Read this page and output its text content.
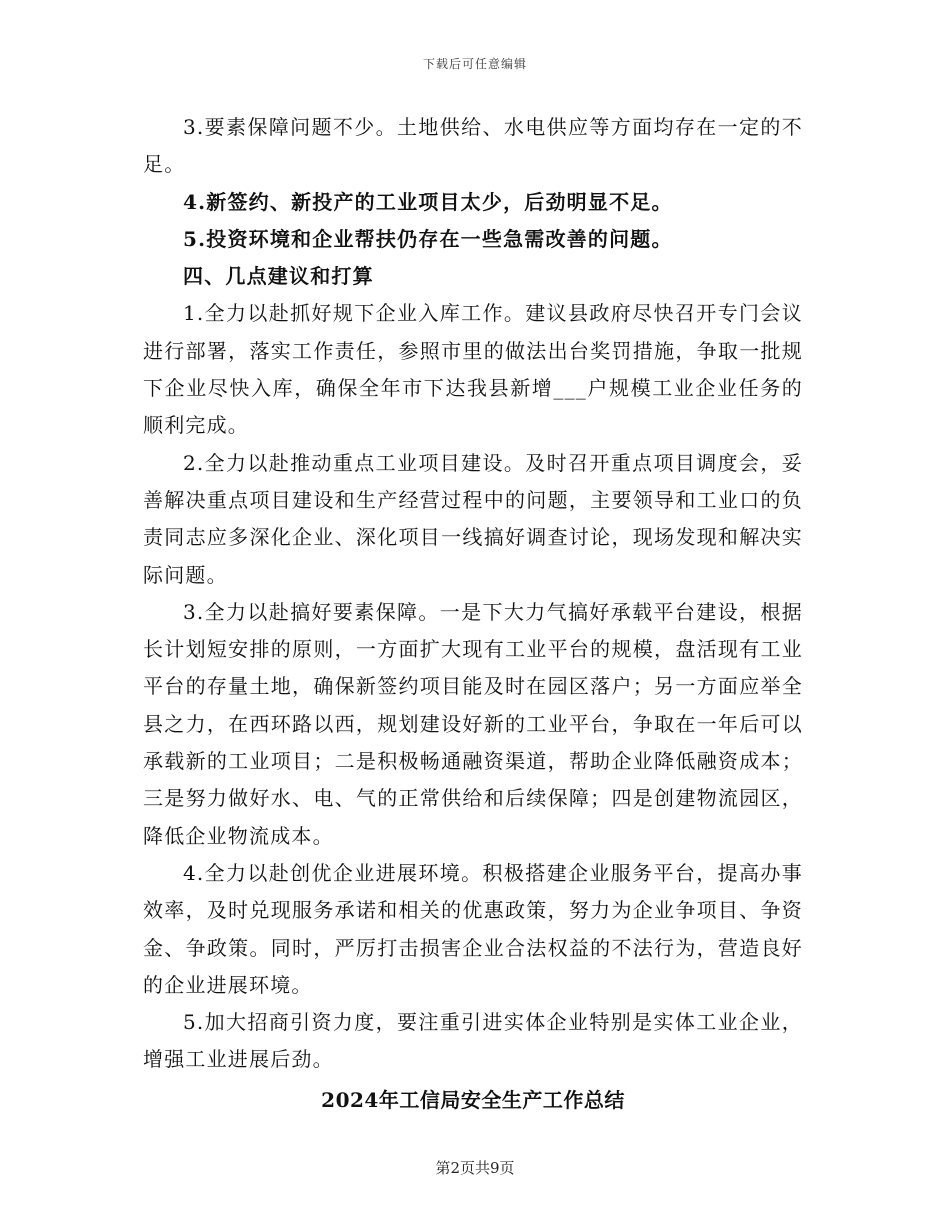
下载后可任意编辑

3.要素保障问题不少。土地供给、水电供应等方面均存在一定的不足。

4.新签约、新投产的工业项目太少，后劲明显不足。

5.投资环境和企业帮扶仍存在一些急需改善的问题。

四、几点建议和打算

1.全力以赴抓好规下企业入库工作。建议县政府尽快召开专门会议进行部署，落实工作责任，参照市里的做法出台奖罚措施，争取一批规下企业尽快入库，确保全年市下达我县新增___户规模工业企业任务的顺利完成。

2.全力以赴推动重点工业项目建设。及时召开重点项目调度会，妥善解决重点项目建设和生产经营过程中的问题，主要领导和工业口的负责同志应多深化企业、深化项目一线搞好调查讨论，现场发现和解决实际问题。

3.全力以赴搞好要素保障。一是下大力气搞好承载平台建设，根据长计划短安排的原则，一方面扩大现有工业平台的规模，盘活现有工业平台的存量土地，确保新签约项目能及时在园区落户；另一方面应举全县之力，在西环路以西，规划建设好新的工业平台，争取在一年后可以承载新的工业项目；二是积极畅通融资渠道，帮助企业降低融资成本；三是努力做好水、电、气的正常供给和后续保障；四是创建物流园区，降低企业物流成本。

4.全力以赴创优企业进展环境。积极搭建企业服务平台，提高办事效率，及时兑现服务承诺和相关的优惠政策，努力为企业争项目、争资金、争政策。同时，严厉打击损害企业合法权益的不法行为，营造良好的企业进展环境。

5.加大招商引资力度，要注重引进实体企业特别是实体工业企业，增强工业进展后劲。

2024年工信局安全生产工作总结

第2页共9页
